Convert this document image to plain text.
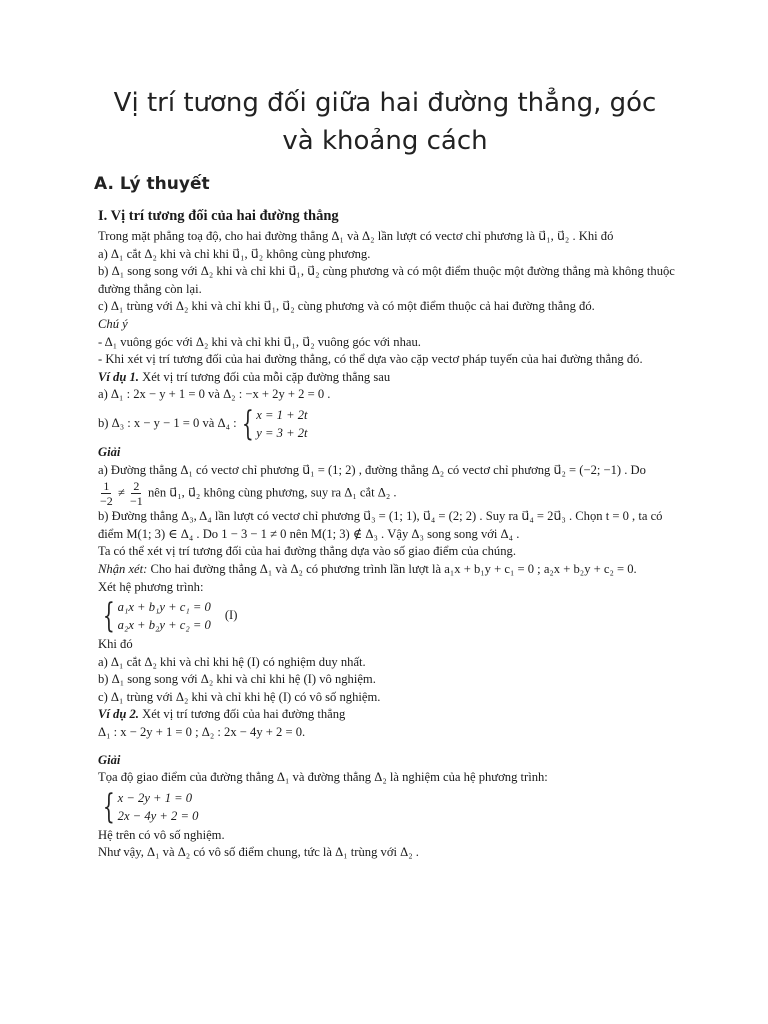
Vị trí tương đối giữa hai đường thẳng, góc và khoảng cách
A. Lý thuyết
I. Vị trí tương đối của hai đường thẳng

Trong mặt phẳng toạ độ, cho hai đường thẳng Δ₁ và Δ₂ lần lượt có vectơ chỉ phương là u⃗₁, u⃗₂ . Khi đó

a) Δ₁ cắt Δ₂ khi và chỉ khi u⃗₁, u⃗₂ không cùng phương.

b) Δ₁ song song với Δ₂ khi và chỉ khi u⃗₁, u⃗₂ cùng phương và có một điểm thuộc một đường thẳng mà không thuộc đường thẳng còn lại.

c) Δ₁ trùng với Δ₂ khi và chỉ khi u⃗₁, u⃗₂ cùng phương và có một điểm thuộc cả hai đường thẳng đó.

Chú ý

- Δ₁ vuông góc với Δ₂ khi và chỉ khi u⃗₁, u⃗₂ vuông góc với nhau.

- Khi xét vị trí tương đối của hai đường thẳng, có thể dựa vào cặp vectơ pháp tuyến của hai đường thẳng đó.

Ví dụ 1. Xét vị trí tương đối của mỗi cặp đường thẳng sau

a) Δ₁ : 2x − y + 1 = 0 và Δ₂ : −x + 2y + 2 = 0 .

b) Δ₃ : x − y − 1 = 0 và Δ₄ : { x = 1 + 2t
y = 3 + 2t

Giải

a) Đường thẳng Δ₁ có vectơ chỉ phương u⃗₁ = (1; 2) , đường thẳng Δ₂ có vectơ chỉ phương u⃗₂ = (−2; −1) . Do

$\frac{1}{-2} \ne \frac{2}{-1}$ nên u⃗₁, u⃗₂ không cùng phương, suy ra Δ₁ cắt Δ₂ .

b) Đường thẳng Δ₃, Δ₄ lần lượt có vectơ chỉ phương u⃗₃ = (1; 1), u⃗₄ = (2; 2) . Suy ra u⃗₄ = 2u⃗₃ . Chọn t = 0 , ta có điểm M(1; 3) ∈ Δ₄ . Do 1 − 3 − 1 ≠ 0 nên M(1; 3) ∉ Δ₃ . Vậy Δ₃ song song với Δ₄ .

Ta có thể xét vị trí tương đối của hai đường thẳng dựa vào số giao điểm của chúng.

Nhận xét: Cho hai đường thẳng Δ₁ và Δ₂ có phương trình lần lượt là a₁x + b₁y + c₁ = 0 ; a₂x + b₂y + c₂ = 0.

Xét hệ phương trình:

{ a₁x + b₁y + c₁ = 0
a₂x + b₂y + c₂ = 0
(I)

Khi đó

a) Δ₁ cắt Δ₂ khi và chỉ khi hệ (I) có nghiệm duy nhất.

b) Δ₁ song song với Δ₂ khi và chỉ khi hệ (I) vô nghiệm.

c) Δ₁ trùng với Δ₂ khi và chỉ khi hệ (I) có vô số nghiệm.

Ví dụ 2. Xét vị trí tương đối của hai đường thẳng

Δ₁ : x − 2y + 1 = 0 ; Δ₂ : 2x − 4y + 2 = 0.

Giải

Tọa độ giao điểm của đường thẳng Δ₁ và đường thẳng Δ₂ là nghiệm của hệ phương trình:

{ x − 2y + 1 = 0
2x − 4y + 2 = 0

Hệ trên có vô số nghiệm.

Như vậy, Δ₁ và Δ₂ có vô số điểm chung, tức là Δ₁ trùng với Δ₂ .
